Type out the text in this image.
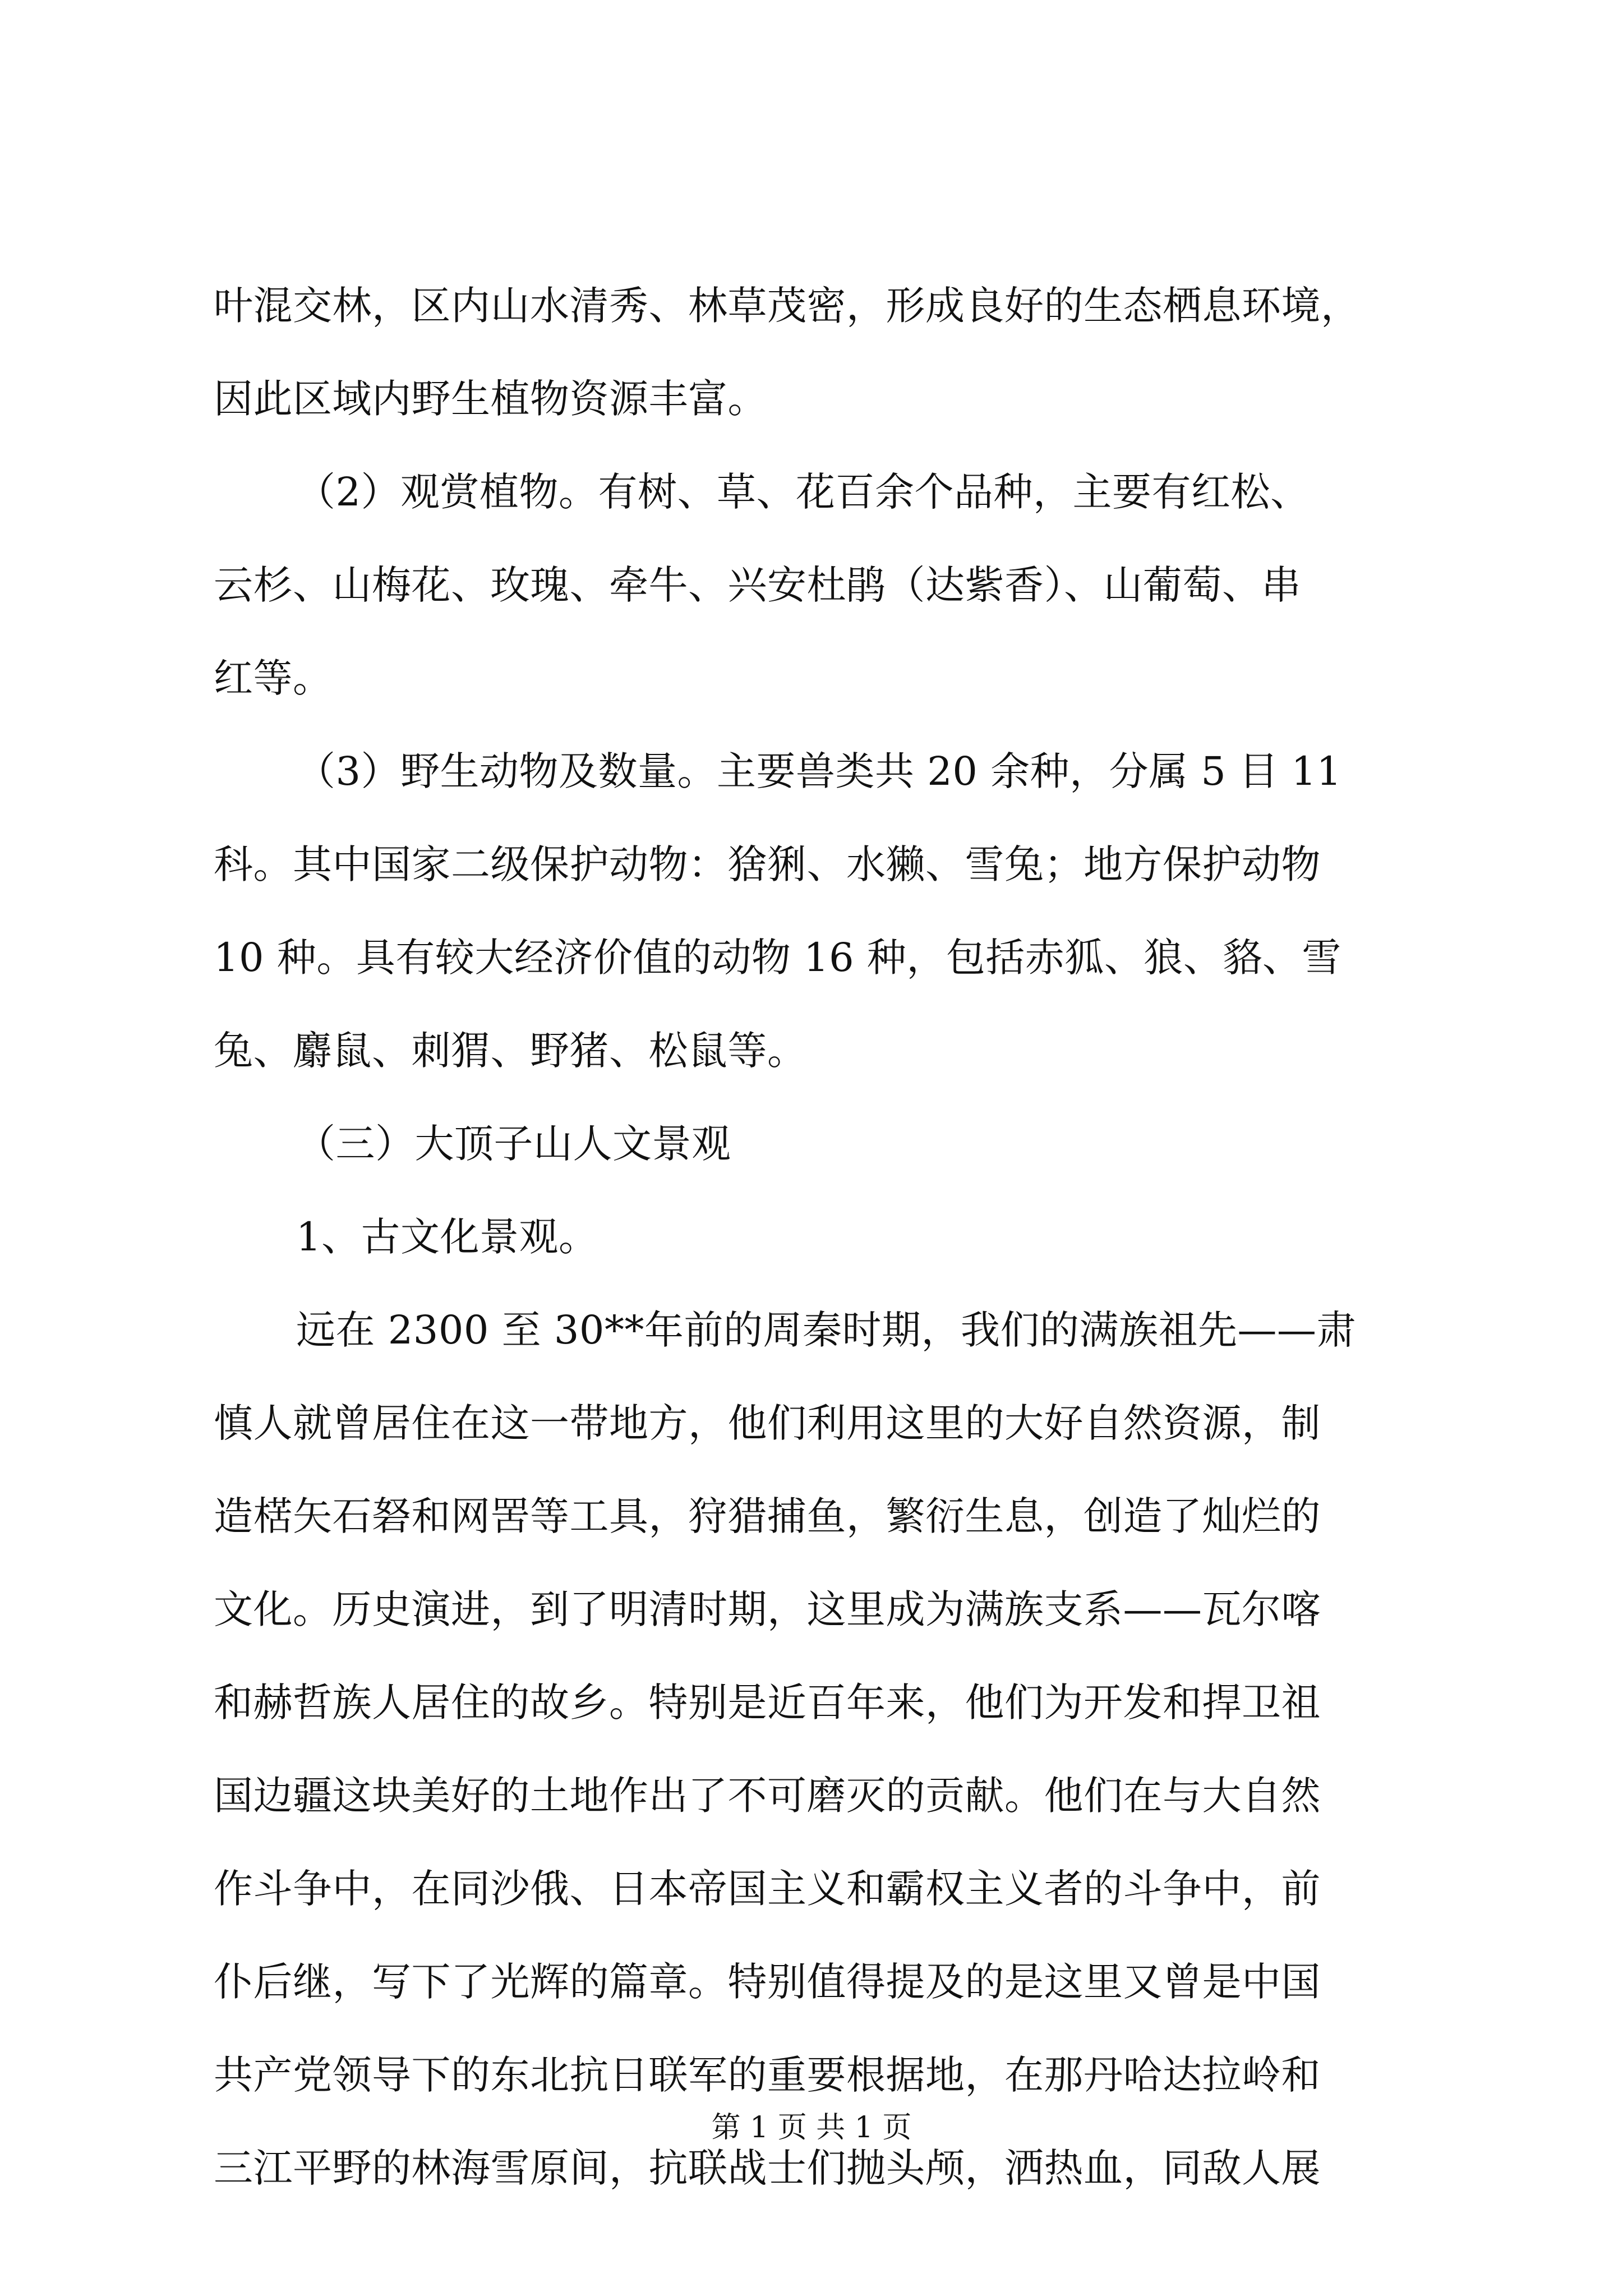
叶混交林，区内山水清秀、林草茂密，形成良好的生态栖息环境，
因此区域内野生植物资源丰富。
（2）观赏植物。有树、草、花百余个品种，主要有红松、
云杉、山梅花、玫瑰、牵牛、兴安杜鹃（达紫香）、山葡萄、串
红等。
（3）野生动物及数量。主要兽类共 20 余种，分属 5 目 11
科。其中国家二级保护动物：猞猁、水獭、雪兔；地方保护动物
10 种。具有较大经济价值的动物 16 种，包括赤狐、狼、貉、雪
兔、麝鼠、刺猬、野猪、松鼠等。
（三）大顶子山人文景观
1、古文化景观。
远在 2300 至 30**年前的周秦时期，我们的满族祖先——肃
慎人就曾居住在这一带地方，他们利用这里的大好自然资源，制
造楛矢石砮和网罟等工具，狩猎捕鱼，繁衍生息，创造了灿烂的
文化。历史演进，到了明清时期，这里成为满族支系——瓦尔喀
和赫哲族人居住的故乡。特别是近百年来，他们为开发和捍卫祖
国边疆这块美好的土地作出了不可磨灭的贡献。他们在与大自然
作斗争中，在同沙俄、日本帝国主义和霸权主义者的斗争中，前
仆后继，写下了光辉的篇章。特别值得提及的是这里又曾是中国
共产党领导下的东北抗日联军的重要根据地，在那丹哈达拉岭和
三江平野的林海雪原间，抗联战士们抛头颅，洒热血，同敌人展
第 1 页 共 1 页
